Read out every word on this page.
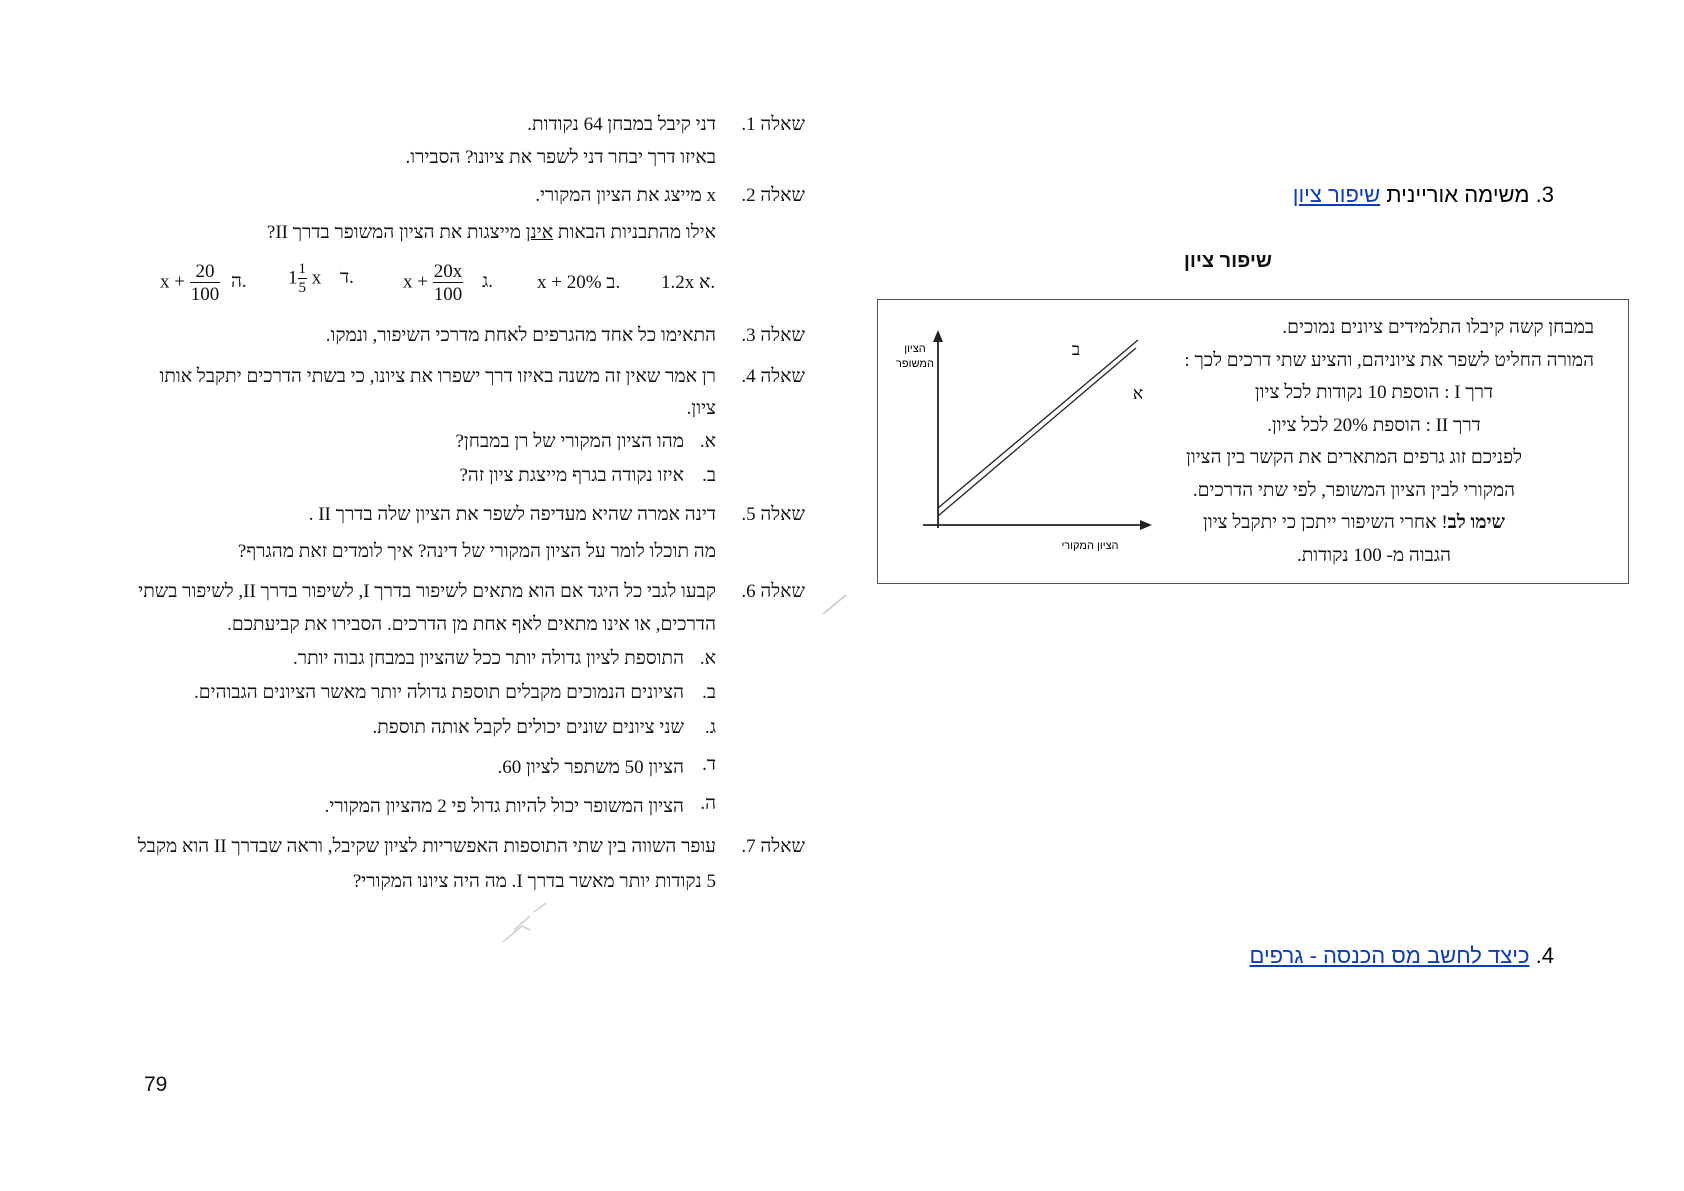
3. משימה אוריינית שיפור ציון
שיפור ציון

במבחן קשה קיבלו התלמידים ציונים נמוכים.

המורה החליט לשפר את ציוניהם, והציע שתי דרכים לכך :

דרך I : הוספת 10 נקודות לכל ציון

דרך II : הוספת 20% לכל ציון.

לפניכם זוג גרפים המתארים את הקשר בין הציון

המקורי לבין הציון המשופר, לפי שתי הדרכים.

שימו לב! אחרי השיפור ייתכן כי יתקבל ציון

הגבוה מ- 100 נקודות.

הציון
המשופר
הציון המקורי
ב
א
4. כיצד לחשב מס הכנסה - גרפים
שאלה 1.
שאלה 2.
שאלה 3.
שאלה 4.
שאלה 5.
שאלה 6.
שאלה 7.
דני קיבל במבחן 64 נקודות.
באיזו דרך יבחר דני לשפר את ציונו? הסבירו.
x מייצג את הציון המקורי.
אילו מהתבניות הבאות אינן מייצגות את הציון המשופר בדרך II?
1.2x א.
x + 20% ב.
$x + \frac{20x}{100}$ ג.
$1 \frac{1}{5}$ x ד.
$x + \frac{20}{100}$ ה.
התאימו כל אחד מהגרפים לאחת מדרכי השיפור, ונמקו.
רן אמר שאין זה משנה באיזו דרך ישפרו את ציונו, כי בשתי הדרכים יתקבל אותו
ציון.
א.
מהו הציון המקורי של רן במבחן?
ב.
איזו נקודה בגרף מייצגת ציון זה?
דינה אמרה שהיא מעדיפה לשפר את הציון שלה בדרך II .
מה תוכלו לומר על הציון המקורי של דינה? איך לומדים זאת מהגרף?
קבעו לגבי כל היגד אם הוא מתאים לשיפור בדרך I, לשיפור בדרך II, לשיפור בשתי
הדרכים, או אינו מתאים לאף אחת מן הדרכים. הסבירו את קביעתכם.
א.
התוספת לציון גדולה יותר ככל שהציון במבחן גבוה יותר.
ב.
הציונים הנמוכים מקבלים תוספת גדולה יותר מאשר הציונים הגבוהים.
ג.
שני ציונים שונים יכולים לקבל אותה תוספת.
ד.
הציון 50 משתפר לציון 60.
ה.
הציון המשופר יכול להיות גדול פי 2 מהציון המקורי.
עופר השווה בין שתי התוספות האפשריות לציון שקיבל, וראה שבדרך II הוא מקבל
5 נקודות יותר מאשר בדרך I. מה היה ציונו המקורי?
79
